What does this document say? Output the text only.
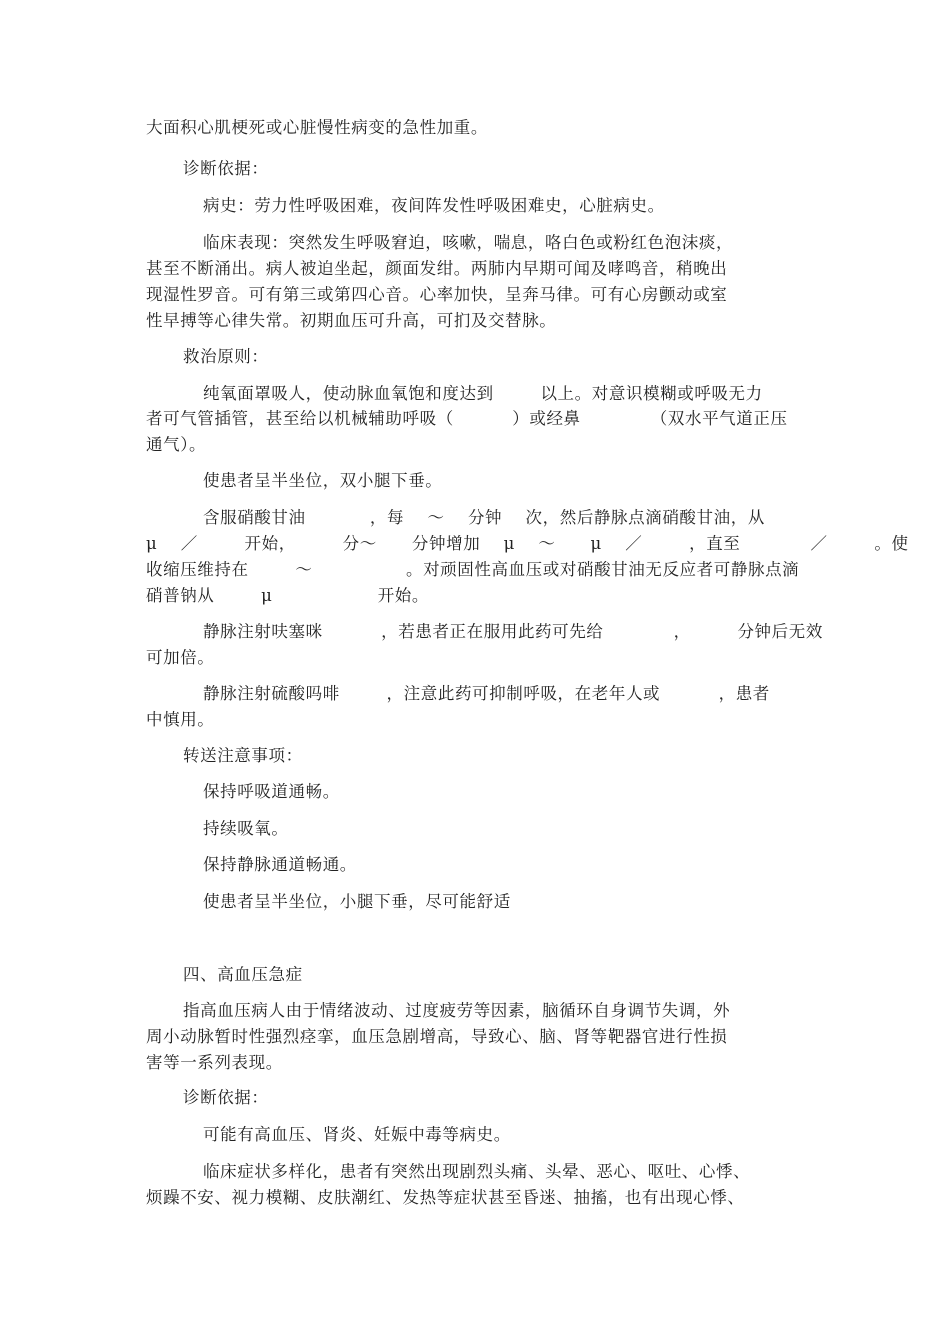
大面积心肌梗死或心脏慢性病变的急性加重。
诊断依据：
病史：劳力性呼吸困难，夜间阵发性呼吸困难史，心脏病史。
临床表现：突然发生呼吸窘迫，咳嗽，喘息，咯白色或粉红色泡沫痰，
甚至不断涌出。病人被迫坐起，颜面发绀。两肺内早期可闻及哮鸣音，稍晚出
现湿性罗音。可有第三或第四心音。心率加快，呈奔马律。可有心房颤动或室
性早搏等心律失常。初期血压可升高，可扪及交替脉。
救治原则：
纯氧面罩吸人，使动脉血氧饱和度达到        以上。对意识模糊或呼吸无力
者可气管插管，甚至给以机械辅助呼吸（          ）或经鼻            （双水平气道正压
通气）。
使患者呈半坐位，双小腿下垂。
含服硝酸甘油           ，每    ～    分钟    次，然后静脉点滴硝酸甘油，从
μ    ／        开始，        分～      分钟增加    μ    ～      μ    ／        ，直至            ／        。使
收缩压维持在        ～                。对顽固性高血压或对硝酸甘油无反应者可静脉点滴
硝普钠从        μ                  开始。
静脉注射呋塞咪          ，若患者正在服用此药可先给            ，        分钟后无效
可加倍。
静脉注射硫酸吗啡        ，注意此药可抑制呼吸，在老年人或          ，患者
中慎用。
转送注意事项：
保持呼吸道通畅。
持续吸氧。
保持静脉通道畅通。
使患者呈半坐位，小腿下垂，尽可能舒适
四、高血压急症
指高血压病人由于情绪波动、过度疲劳等因素，脑循环自身调节失调，外
周小动脉暂时性强烈痉挛，血压急剧增高，导致心、脑、肾等靶器官进行性损
害等一系列表现。
诊断依据：
可能有高血压、肾炎、妊娠中毒等病史。
临床症状多样化，患者有突然出现剧烈头痛、头晕、恶心、呕吐、心悸、
烦躁不安、视力模糊、皮肤潮红、发热等症状甚至昏迷、抽搐，也有出现心悸、
